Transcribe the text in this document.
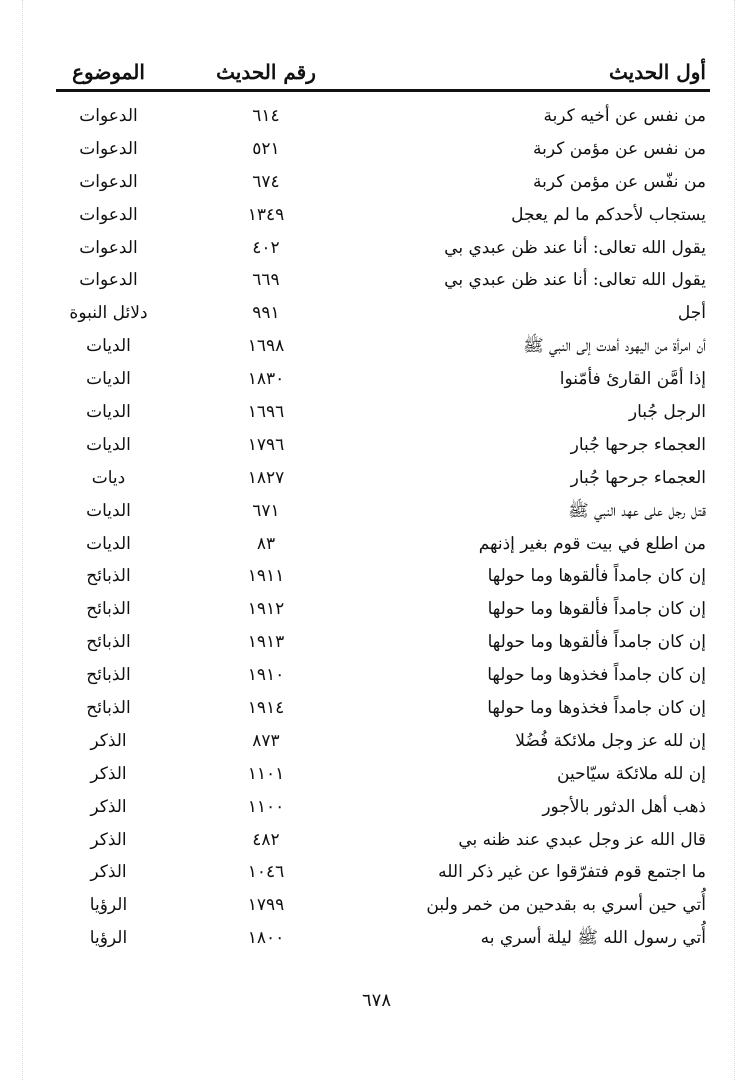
أول الحديث
رقم الحديث
الموضوع
من نفس عن أخيه كربة
٦١٤
الدعوات
من نفس عن مؤمن كربة
٥٢١
الدعوات
من نفّس عن مؤمن كربة
٦٧٤
الدعوات
يستجاب لأحدكم ما لم يعجل
١٣٤٩
الدعوات
يقول الله تعالى: أنا عند ظن عبدي بي
٤٠٢
الدعوات
يقول الله تعالى: أنا عند ظن عبدي بي
٦٦٩
الدعوات
أجل
٩٩١
دلائل النبوة
أن امرأة من اليهود أهدت إلى النبي ﷺ
١٦٩٨
الديات
إذا أمَّن القارئ فأمّنوا
١٨٣٠
الديات
الرجل جُبار
١٦٩٦
الديات
العجماء جرحها جُبار
١٧٩٦
الديات
العجماء جرحها جُبار
١٨٢٧
ديات
قتل رجل على عهد النبي ﷺ
٦٧١
الديات
من اطلع في بيت قوم بغير إذنهم
٨٣
الديات
إن كان جامداً فألقوها وما حولها
١٩١١
الذبائح
إن كان جامداً فألقوها وما حولها
١٩١٢
الذبائح
إن كان جامداً فألقوها وما حولها
١٩١٣
الذبائح
إن كان جامداً فخذوها وما حولها
١٩١٠
الذبائح
إن كان جامداً فخذوها وما حولها
١٩١٤
الذبائح
إن لله عز وجل ملائكة فُضُلا
٨٧٣
الذكر
إن لله ملائكة سيّاحين
١١٠١
الذكر
ذهب أهل الدثور بالأجور
١١٠٠
الذكر
قال الله عز وجل عبدي عند ظنه بي
٤٨٢
الذكر
ما اجتمع قوم فتفرّقوا عن غير ذكر الله
١٠٤٦
الذكر
أُتي حين أسري به بقدحين من خمر ولبن
١٧٩٩
الرؤيا
أُتي رسول الله ﷺ ليلة أسري به
١٨٠٠
الرؤيا
٦٧٨
